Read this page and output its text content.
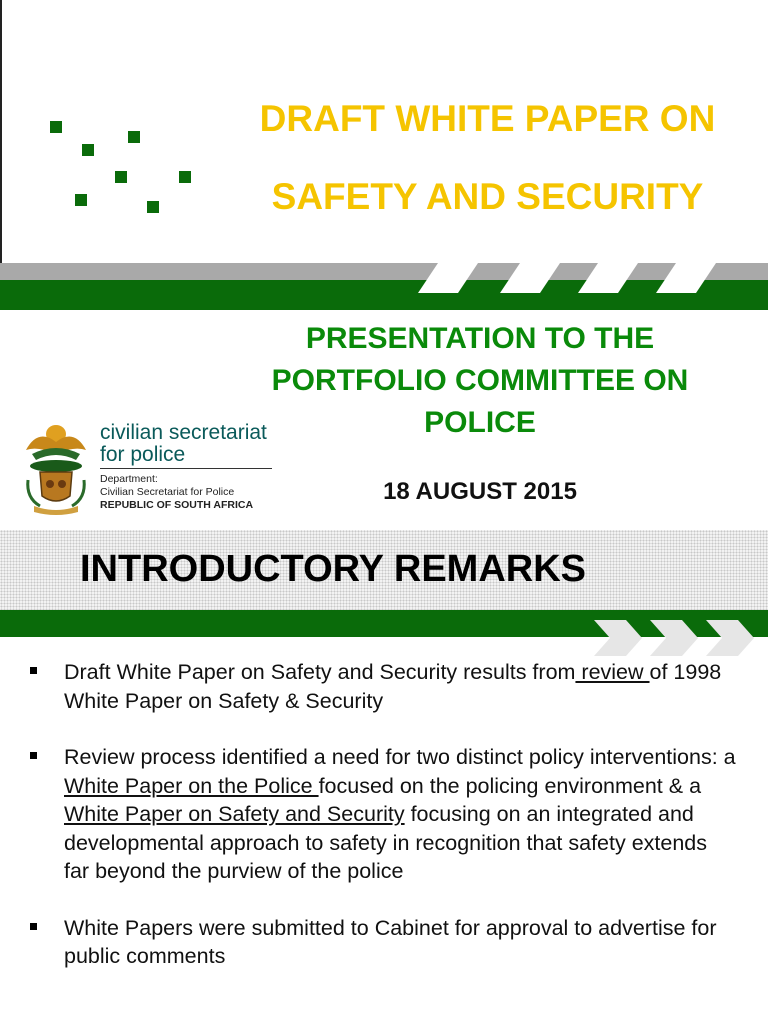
DRAFT WHITE PAPER ON
SAFETY AND SECURITY
PRESENTATION TO THE
PORTFOLIO COMMITTEE ON
POLICE

18 AUGUST 2015

civilian secretariat
for police
Department:
Civilian Secretariat for Police
REPUBLIC OF SOUTH AFRICA
INTRODUCTORY REMARKS
Draft White Paper on Safety and Security results from review of 1998 White Paper on Safety & Security
Review process identified a need for two distinct policy interventions: a White Paper on the Police focused on the policing environment & a White Paper on Safety and Security focusing on an integrated and developmental approach to safety in recognition that safety extends far beyond the purview of the police
White Papers were submitted to Cabinet for approval to advertise for public comments
